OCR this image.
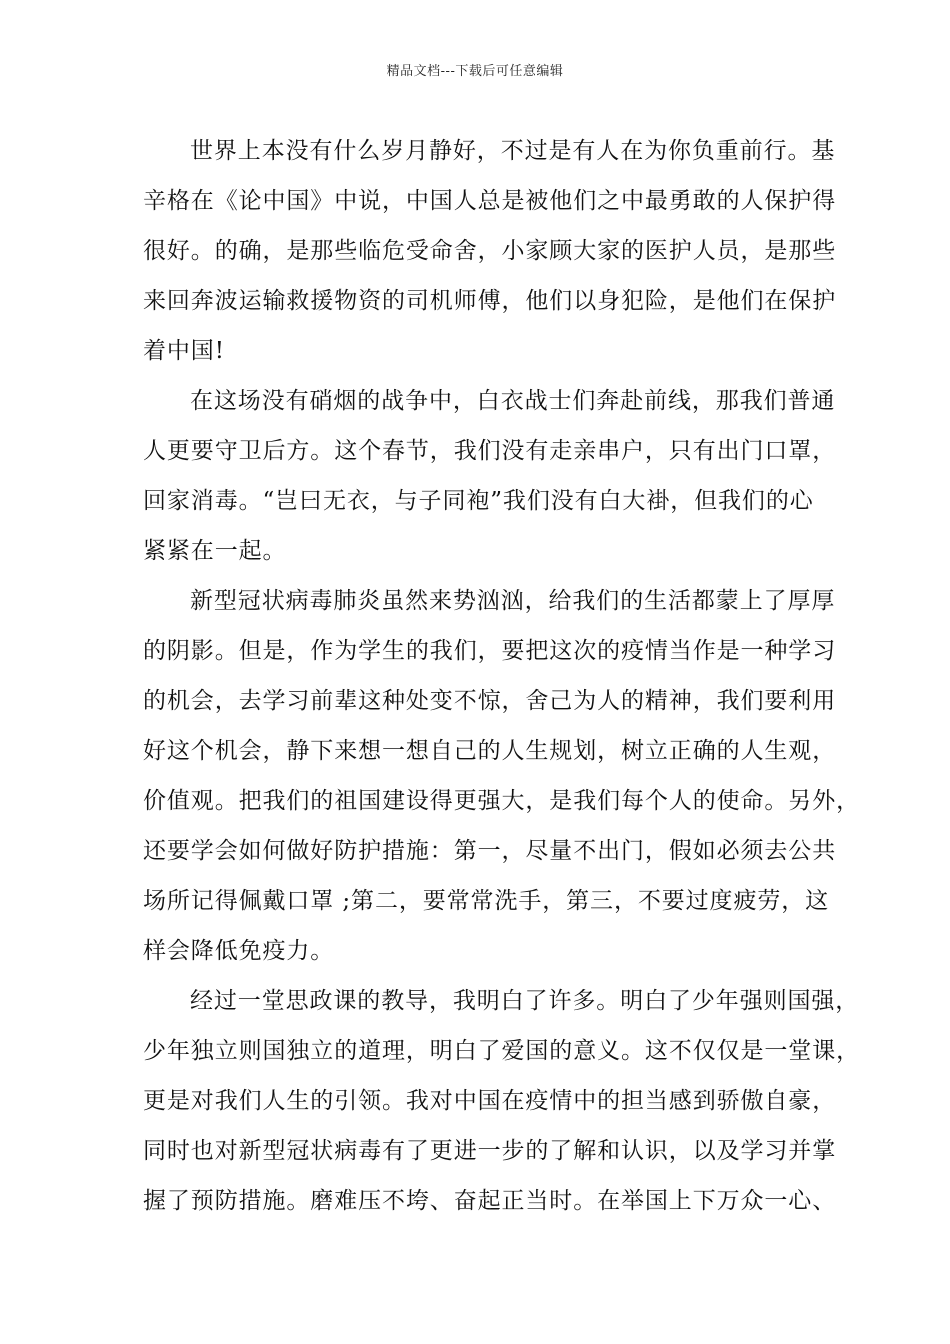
精品文档---下载后可任意编辑
世界上本没有什么岁月静好，不过是有人在为你负重前行。基
辛格在《论中国》中说，中国人总是被他们之中最勇敢的人保护得
很好。的确，是那些临危受命舍，小家顾大家的医护人员，是那些
来回奔波运输救援物资的司机师傅，他们以身犯险，是他们在保护
着中国!
在这场没有硝烟的战争中，白衣战士们奔赴前线，那我们普通
人更要守卫后方。这个春节，我们没有走亲串户，只有出门口罩，
回家消毒。“岂曰无衣，与子同袍”我们没有白大褂，但我们的心
紧紧在一起。
新型冠状病毒肺炎虽然来势汹汹，给我们的生活都蒙上了厚厚
的阴影。但是，作为学生的我们，要把这次的疫情当作是一种学习
的机会，去学习前辈这种处变不惊，舍己为人的精神，我们要利用
好这个机会，静下来想一想自己的人生规划，树立正确的人生观，
价值观。把我们的祖国建设得更强大，是我们每个人的使命。另外，
还要学会如何做好防护措施：第一，尽量不出门，假如必须去公共
场所记得佩戴口罩 ;第二，要常常洗手，第三，不要过度疲劳，这
样会降低免疫力。
经过一堂思政课的教导，我明白了许多。明白了少年强则国强，
少年独立则国独立的道理，明白了爱国的意义。这不仅仅是一堂课，
更是对我们人生的引领。我对中国在疫情中的担当感到骄傲自豪，
同时也对新型冠状病毒有了更进一步的了解和认识，以及学习并掌
握了预防措施。磨难压不垮、奋起正当时。在举国上下万众一心、
